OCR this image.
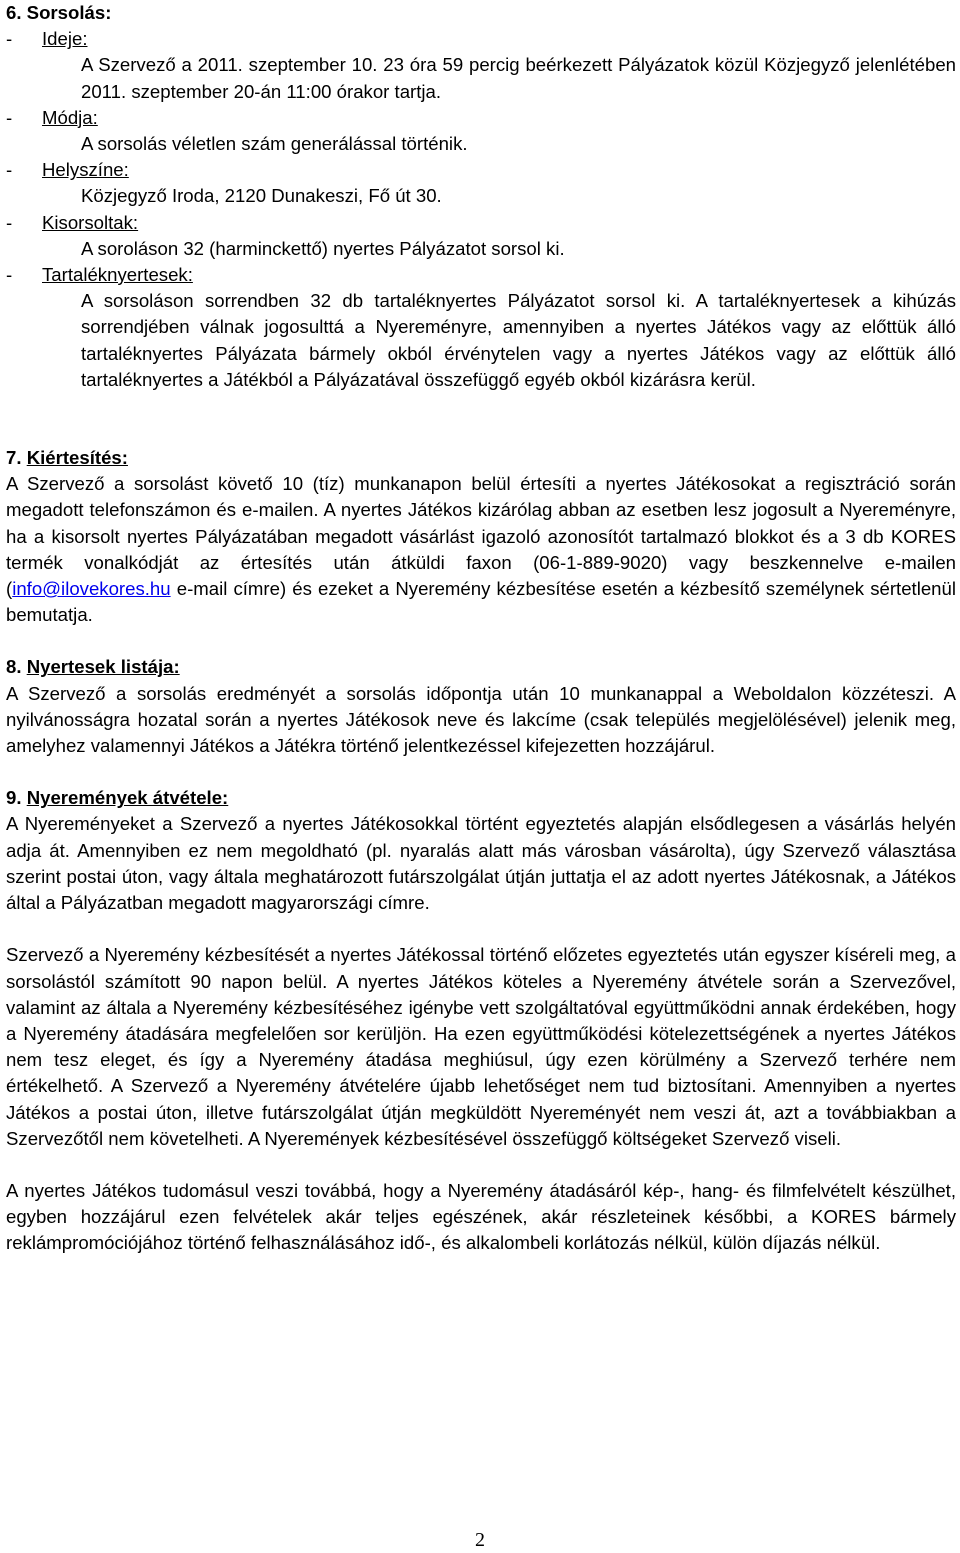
6. Sorsolás:
-	Ideje:
A Szervező a 2011. szeptember 10. 23 óra 59 percig beérkezett Pályázatok közül Közjegyző jelenlétében 2011. szeptember 20-án 11:00 órakor tartja.
-	Módja:
A sorsolás véletlen szám generálással történik.
-	Helyszíne:
Közjegyző Iroda, 2120 Dunakeszi, Fő út 30.
-	Kisorsoltak:
A soroláson 32 (harminckettő) nyertes Pályázatot sorsol ki.
-	Tartaléknyertesek:
A sorsoláson sorrendben 32 db tartaléknyertes Pályázatot sorsol ki. A tartaléknyertesek a kihúzás sorrendjében válnak jogosulttá a Nyereményre, amennyiben a nyertes Játékos vagy az előttük álló tartaléknyertes Pályázata bármely okból érvénytelen vagy a nyertes Játékos vagy az előttük álló tartaléknyertes a Játékból a Pályázatával összefüggő egyéb okból kizárásra kerül.
7. Kiértesítés:

A Szervező a sorsolást követő 10 (tíz) munkanapon belül értesíti a nyertes Játékosokat a regisztráció során megadott telefonszámon és e-mailen. A nyertes Játékos kizárólag abban az esetben lesz jogosult a Nyereményre, ha a kisorsolt nyertes Pályázatában megadott vásárlást igazoló azonosítót tartalmazó blokkot és a 3 db KORES termék vonalkódját az értesítés után átküldi faxon (06-1-889-9020) vagy beszkennelve e-mailen (info@ilovekores.hu e-mail címre) és ezeket a Nyeremény kézbesítése esetén a kézbesítő személynek sértetlenül bemutatja.

8. Nyertesek listája:

A Szervező a sorsolás eredményét a sorsolás időpontja után 10 munkanappal a Weboldalon közzéteszi. A nyilvánosságra hozatal során a nyertes Játékosok neve és lakcíme (csak település megjelölésével) jelenik meg, amelyhez valamennyi Játékos a Játékra történő jelentkezéssel kifejezetten hozzájárul.

9. Nyeremények átvétele:

A Nyereményeket a Szervező a nyertes Játékosokkal történt egyeztetés alapján elsődlegesen a vásárlás helyén adja át. Amennyiben ez nem megoldható (pl. nyaralás alatt más városban vásárolta), úgy Szervező választása szerint postai úton, vagy általa meghatározott futárszolgálat útján juttatja el az adott nyertes Játékosnak, a Játékos által a Pályázatban megadott magyarországi címre.

Szervező a Nyeremény kézbesítését a nyertes Játékossal történő előzetes egyeztetés után egyszer kíséreli meg, a sorsolástól számított 90 napon belül. A nyertes Játékos köteles a Nyeremény átvétele során a Szervezővel, valamint az általa a Nyeremény kézbesítéséhez igénybe vett szolgáltatóval együttműködni annak érdekében, hogy a Nyeremény átadására megfelelően sor kerüljön. Ha ezen együttműködési kötelezettségének a nyertes Játékos nem tesz eleget, és így a Nyeremény átadása meghiúsul, úgy ezen körülmény a Szervező terhére nem értékelhető. A Szervező a Nyeremény átvételére újabb lehetőséget nem tud biztosítani. Amennyiben a nyertes Játékos a postai úton, illetve futárszolgálat útján megküldött Nyereményét nem veszi át, azt a továbbiakban a Szervezőtől nem követelheti. A Nyeremények kézbesítésével összefüggő költségeket Szervező viseli.

A nyertes Játékos tudomásul veszi továbbá, hogy a Nyeremény átadásáról kép-, hang- és filmfelvételt készülhet, egyben hozzájárul ezen felvételek akár teljes egészének, akár részleteinek későbbi, a KORES bármely reklámpromóciójához történő felhasználásához idő-, és alkalombeli korlátozás nélkül, külön díjazás nélkül.

2
